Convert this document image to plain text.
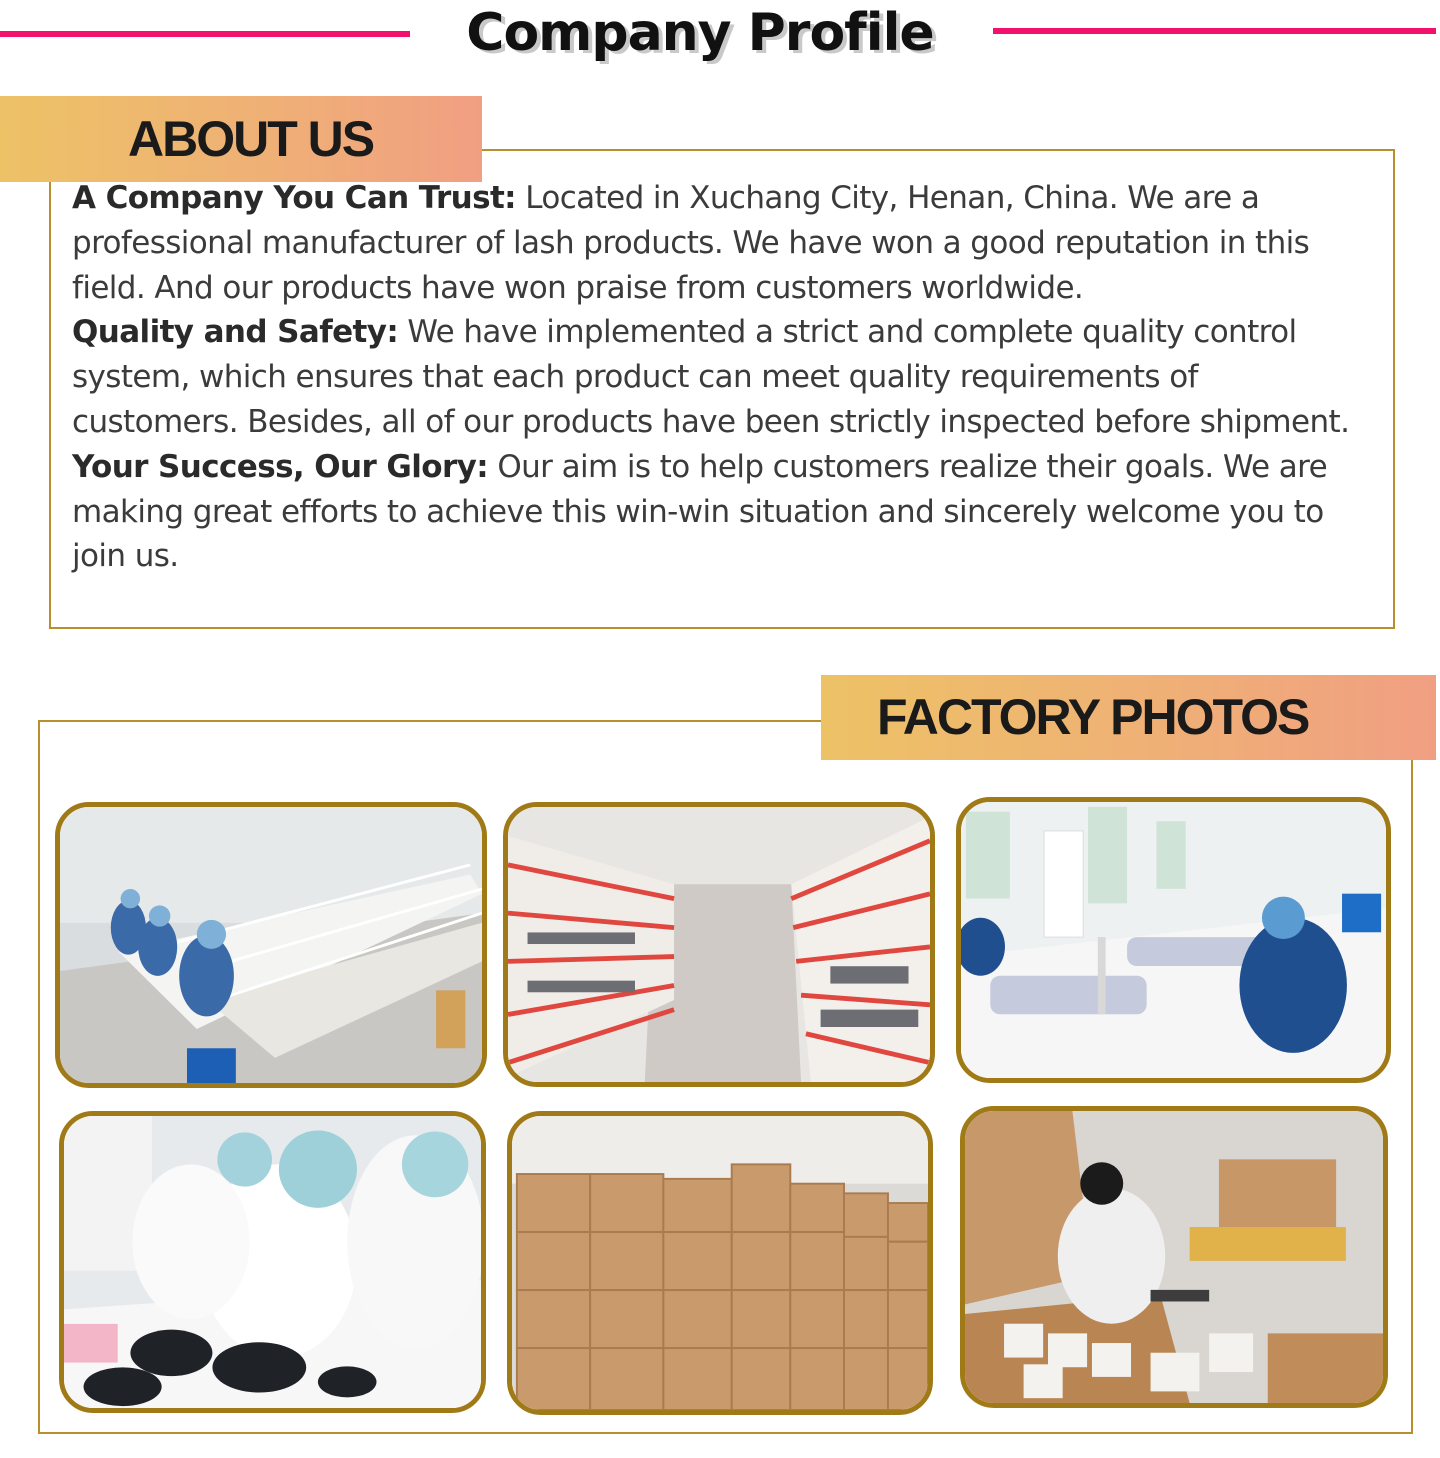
Company Profile
ABOUT US

A Company You Can Trust: Located in Xuchang City, Henan, China. We are a professional manufacturer of lash products. We have won a good reputation in this field. And our products have won praise from customers worldwide.

Quality and Safety: We have implemented a strict and complete quality control system, which ensures that each product can meet quality requirements of customers. Besides, all of our products have been strictly inspected before shipment.

Your Success, Our Glory: Our aim is to help customers realize their goals. We are making great efforts to achieve this win-win situation and sincerely welcome you to join us.

FACTORY PHOTOS
